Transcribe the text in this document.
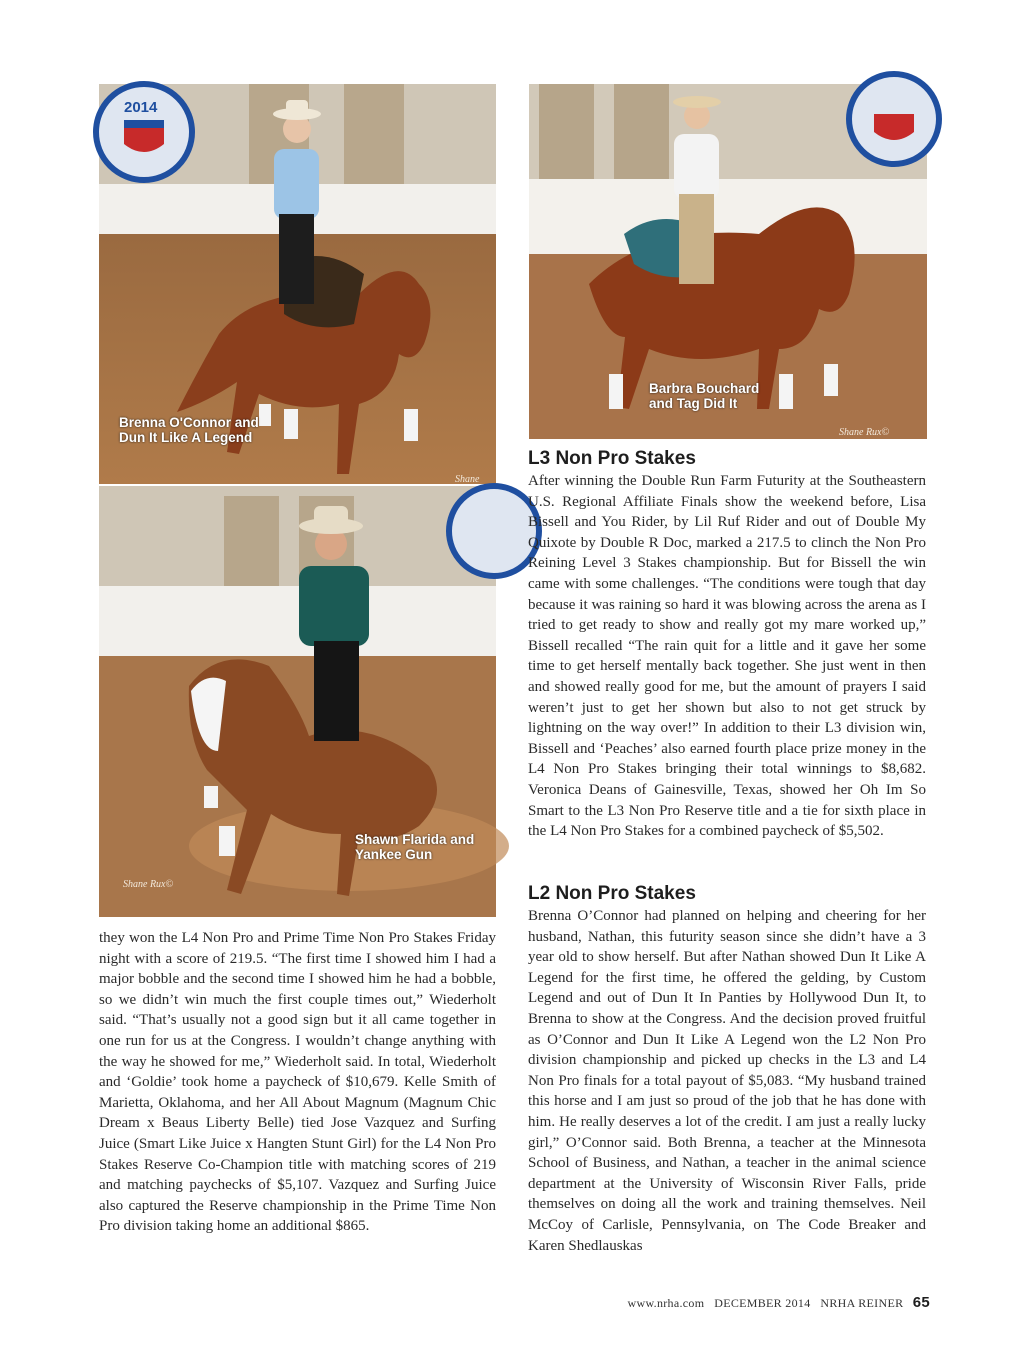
Brenna O'Connor and
Dun It Like A Legend
Shane
Barbra Bouchard
and Tag Did It
Shane Rux©
Shawn Flarida and
Yankee Gun
Shane Rux©

they won the L4 Non Pro and Prime Time Non Pro Stakes Friday night with a score of 219.5. “The first time I showed him I had a major bobble and the second time I showed him he had a bobble, so we didn’t win much the first couple times out,” Wiederholt said. “That’s usually not a good sign but it all came together in one run for us at the Congress. I wouldn’t change anything with the way he showed for me,” Wiederholt said. In total, Wiederholt and ‘Goldie’ took home a paycheck of $10,679. Kelle Smith of Marietta, Oklahoma, and her All About Magnum (Magnum Chic Dream x Beaus Liberty Belle) tied Jose Vazquez and Surfing Juice (Smart Like Juice x Hangten Stunt Girl) for the L4 Non Pro Stakes Reserve Co-Champion title with matching scores of 219 and matching paychecks of $5,107. Vazquez and Surfing Juice also captured the Reserve championship in the Prime Time Non Pro division taking home an additional $865.

L3 Non Pro Stakes

After winning the Double Run Farm Futurity at the Southeastern U.S. Regional Affiliate Finals show the weekend before, Lisa Bissell and You Rider, by Lil Ruf Rider and out of Double My Quixote by Double R Doc, marked a 217.5 to clinch the Non Pro Reining Level 3 Stakes championship. But for Bissell the win came with some challenges. “The conditions were tough that day because it was raining so hard it was blowing across the arena as I tried to get ready to show and really got my mare worked up,” Bissell recalled “The rain quit for a little and it gave her some time to get herself mentally back together. She just went in then and showed really good for me, but the amount of prayers I said weren’t just to get her shown but also to not get struck by lightning on the way over!” In addition to their L3 division win, Bissell and ‘Peaches’ also earned fourth place prize money in the L4 Non Pro Stakes bringing their total winnings to $8,682. Veronica Deans of Gainesville, Texas, showed her Oh Im So Smart to the L3 Non Pro Reserve title and a tie for sixth place in the L4 Non Pro Stakes for a combined paycheck of $5,502.

L2 Non Pro Stakes

Brenna O’Connor had planned on helping and cheering for her husband, Nathan, this futurity season since she didn’t have a 3 year old to show herself. But after Nathan showed Dun It Like A Legend for the first time, he offered the gelding, by Custom Legend and out of Dun It In Panties by Hollywood Dun It, to Brenna to show at the Congress. And the decision proved fruitful as O’Connor and Dun It Like A Legend won the L2 Non Pro division championship and picked up checks in the L3 and L4 Non Pro finals for a total payout of $5,083. “My husband trained this horse and I am just so proud of the job that he has done with him. He really deserves a lot of the credit. I am just a really lucky girl,” O’Connor said. Both Brenna, a teacher at the Minnesota School of Business, and Nathan, a teacher in the animal science department at the University of Wisconsin River Falls, pride themselves on doing all the work and training themselves. Neil McCoy of Carlisle, Pennsylvania, on The Code Breaker and Karen Shedlauskas

www.nrha.com DECEMBER 2014 NRHA REINER 65
2014
